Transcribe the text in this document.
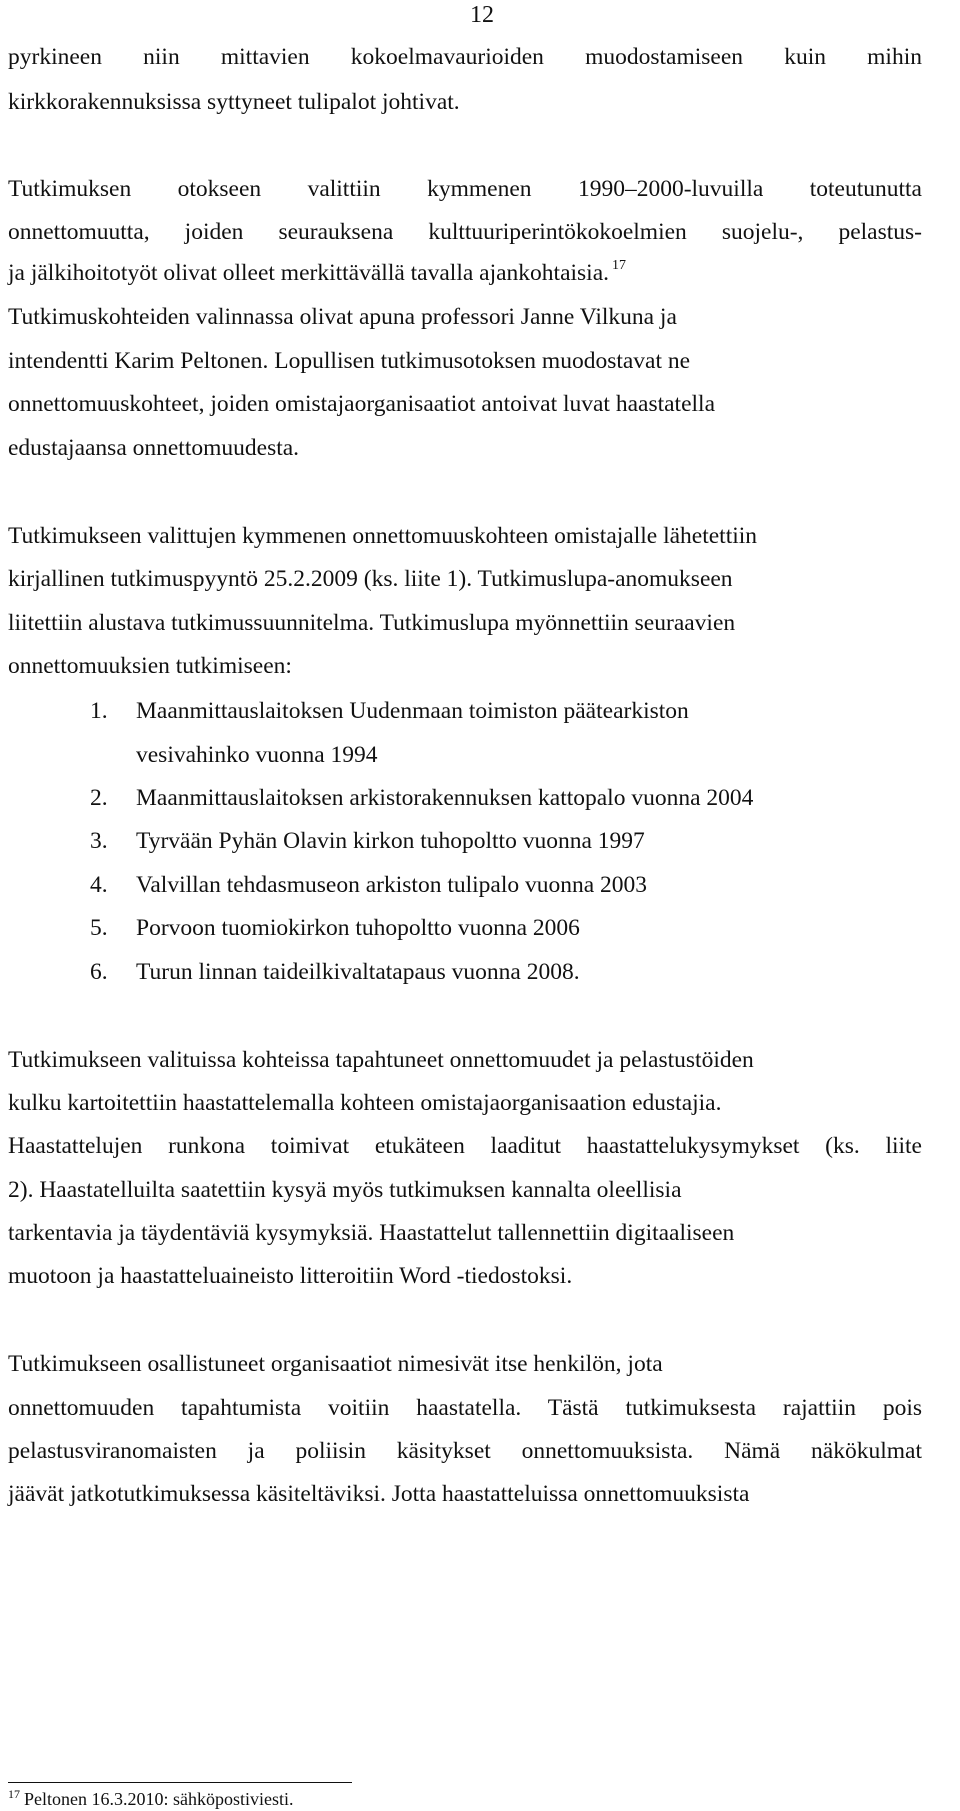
12
pyrkineen niin mittavien kokoelmavaurioiden muodostamiseen kuin mihin
kirkkorakennuksissa syttyneet tulipalot johtivat.
Tutkimuksen otokseen valittiin kymmenen 1990–2000-luvuilla toteutunutta
onnettomuutta, joiden seurauksena kulttuuriperintökokoelmien suojelu-, pelastus-
ja jälkihoitotyöt olivat olleet merkittävällä tavalla ajankohtaisia. $^{17}$
Tutkimuskohteiden valinnassa olivat apuna professori Janne Vilkuna ja
intendentti Karim Peltonen. Lopullisen tutkimusotoksen muodostavat ne
onnettomuuskohteet, joiden omistajaorganisaatiot antoivat luvat haastatella
edustajaansa onnettomuudesta.
Tutkimukseen valittujen kymmenen onnettomuuskohteen omistajalle lähetettiin
kirjallinen tutkimuspyyntö 25.2.2009 (ks. liite 1). Tutkimuslupa-anomukseen
liitettiin alustava tutkimussuunnitelma. Tutkimuslupa myönnettiin seuraavien
onnettomuuksien tutkimiseen:
1. Maanmittauslaitoksen Uudenmaan toimiston päätearkiston
vesivahinko vuonna 1994
2. Maanmittauslaitoksen arkistorakennuksen kattopalo vuonna 2004
3. Tyrvään Pyhän Olavin kirkon tuhopoltto vuonna 1997
4. Valvillan tehdasmuseon arkiston tulipalo vuonna 2003
5. Porvoon tuomiokirkon tuhopoltto vuonna 2006
6. Turun linnan taideilkivaltatapaus vuonna 2008.
Tutkimukseen valituissa kohteissa tapahtuneet onnettomuudet ja pelastustöiden
kulku kartoitettiin haastattelemalla kohteen omistajaorganisaation edustajia.
Haastattelujen runkona toimivat etukäteen laaditut haastattelukysymykset (ks. liite
2). Haastatelluilta saatettiin kysyä myös tutkimuksen kannalta oleellisia
tarkentavia ja täydentäviä kysymyksiä. Haastattelut tallennettiin digitaaliseen
muotoon ja haastatteluaineisto litteroitiin Word -tiedostoksi.
Tutkimukseen osallistuneet organisaatiot nimesivät itse henkilön, jota
onnettomuuden tapahtumista voitiin haastatella. Tästä tutkimuksesta rajattiin pois
pelastusviranomaisten ja poliisin käsitykset onnettomuuksista. Nämä näkökulmat
jäävät jatkotutkimuksessa käsiteltäviksi. Jotta haastatteluissa onnettomuuksista
$^{17}$ Peltonen 16.3.2010: sähköpostiviesti.
